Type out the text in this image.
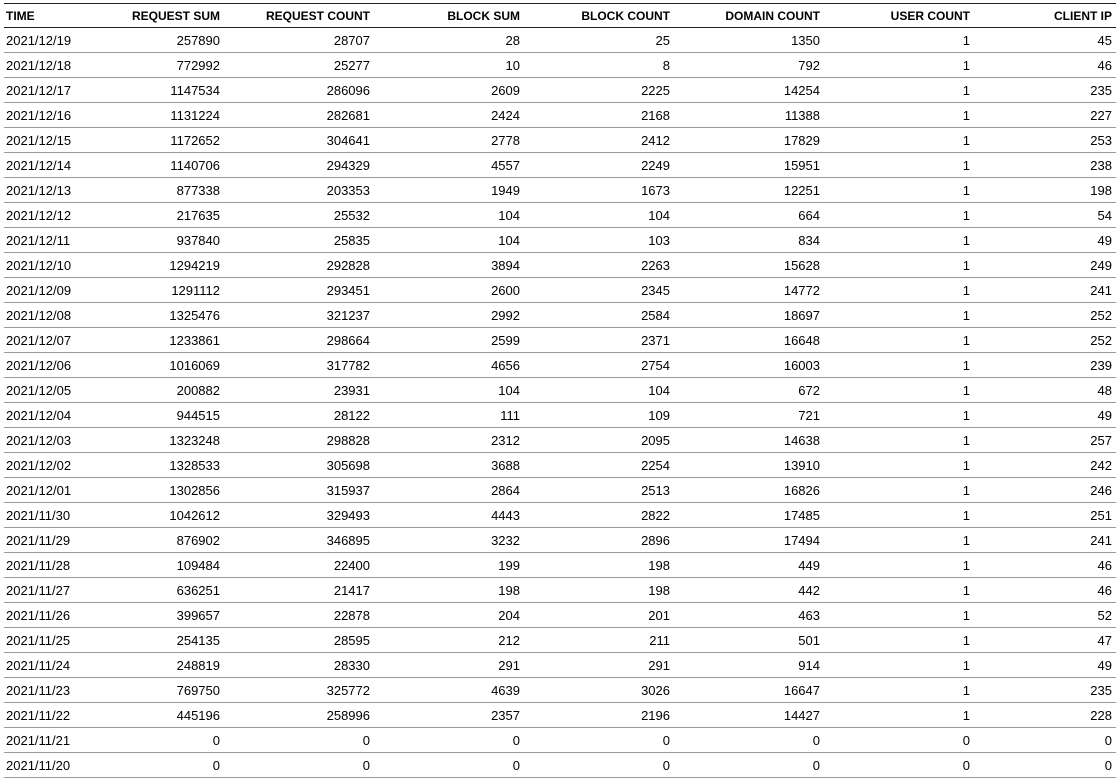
TIME	REQUEST SUM	REQUEST COUNT	BLOCK SUM	BLOCK COUNT	DOMAIN COUNT	USER COUNT	CLIENT IP
2021/12/19	257890	28707	28	25	1350	1	45
2021/12/18	772992	25277	10	8	792	1	46
2021/12/17	1147534	286096	2609	2225	14254	1	235
2021/12/16	1131224	282681	2424	2168	11388	1	227
2021/12/15	1172652	304641	2778	2412	17829	1	253
2021/12/14	1140706	294329	4557	2249	15951	1	238
2021/12/13	877338	203353	1949	1673	12251	1	198
2021/12/12	217635	25532	104	104	664	1	54
2021/12/11	937840	25835	104	103	834	1	49
2021/12/10	1294219	292828	3894	2263	15628	1	249
2021/12/09	1291112	293451	2600	2345	14772	1	241
2021/12/08	1325476	321237	2992	2584	18697	1	252
2021/12/07	1233861	298664	2599	2371	16648	1	252
2021/12/06	1016069	317782	4656	2754	16003	1	239
2021/12/05	200882	23931	104	104	672	1	48
2021/12/04	944515	28122	111	109	721	1	49
2021/12/03	1323248	298828	2312	2095	14638	1	257
2021/12/02	1328533	305698	3688	2254	13910	1	242
2021/12/01	1302856	315937	2864	2513	16826	1	246
2021/11/30	1042612	329493	4443	2822	17485	1	251
2021/11/29	876902	346895	3232	2896	17494	1	241
2021/11/28	109484	22400	199	198	449	1	46
2021/11/27	636251	21417	198	198	442	1	46
2021/11/26	399657	22878	204	201	463	1	52
2021/11/25	254135	28595	212	211	501	1	47
2021/11/24	248819	28330	291	291	914	1	49
2021/11/23	769750	325772	4639	3026	16647	1	235
2021/11/22	445196	258996	2357	2196	14427	1	228
2021/11/21	0	0	0	0	0	0	0
2021/11/20	0	0	0	0	0	0	0
